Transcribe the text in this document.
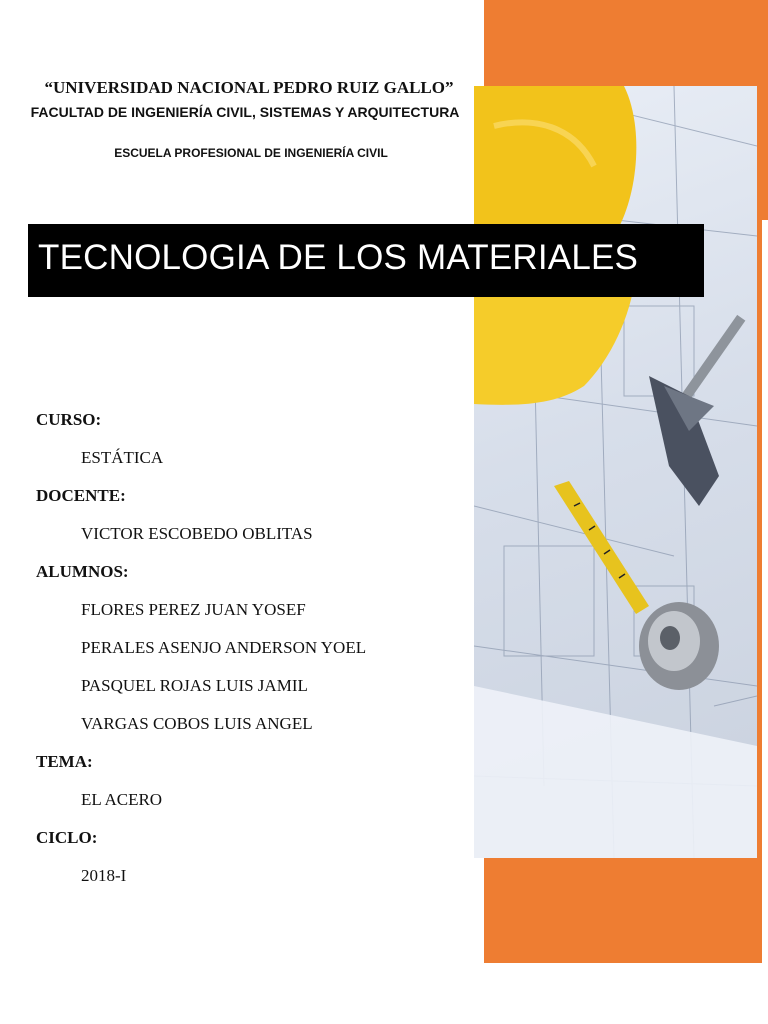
“UNIVERSIDAD NACIONAL PEDRO RUIZ GALLO”
FACULTAD DE INGENIERÍA CIVIL, SISTEMAS Y ARQUITECTURA
ESCUELA PROFESIONAL DE INGENIERÍA CIVIL
TECNOLOGIA DE LOS MATERIALES
CURSO:
ESTÁTICA
DOCENTE:
VICTOR ESCOBEDO OBLITAS
ALUMNOS:
FLORES PEREZ JUAN YOSEF
PERALES ASENJO ANDERSON YOEL
PASQUEL ROJAS LUIS JAMIL
VARGAS COBOS LUIS ANGEL
TEMA:
EL ACERO
CICLO:
2018-I
